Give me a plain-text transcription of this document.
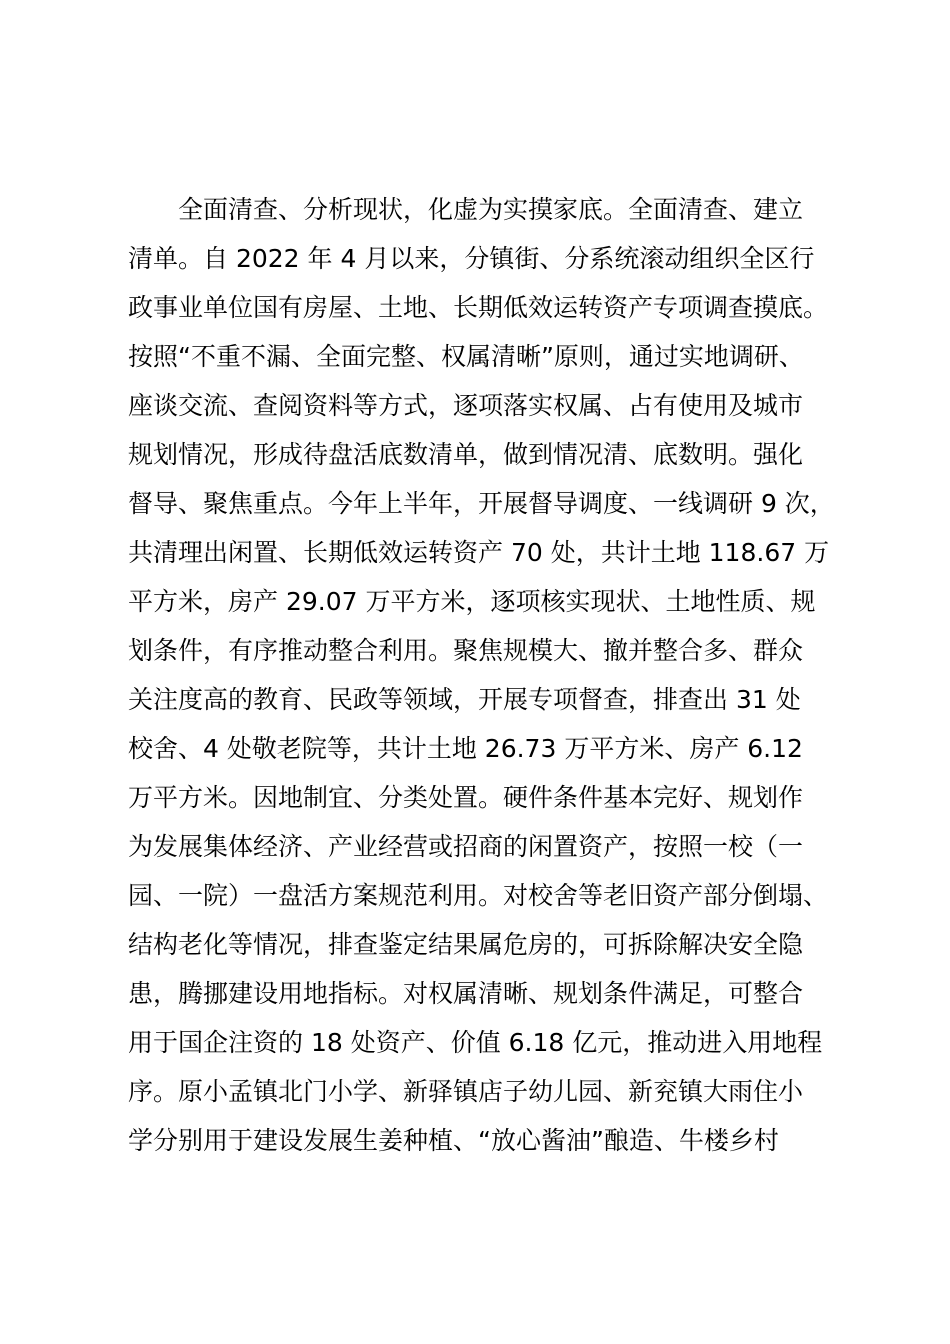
全面清查、分析现状，化虚为实摸家底。全面清查、建立
清单。自 2022 年 4 月以来，分镇街、分系统滚动组织全区行
政事业单位国有房屋、土地、长期低效运转资产专项调查摸底。
按照“不重不漏、全面完整、权属清晰”原则，通过实地调研、
座谈交流、查阅资料等方式，逐项落实权属、占有使用及城市
规划情况，形成待盘活底数清单，做到情况清、底数明。强化
督导、聚焦重点。今年上半年，开展督导调度、一线调研 9 次，
共清理出闲置、长期低效运转资产 70 处，共计土地 118.67 万
平方米，房产 29.07 万平方米，逐项核实现状、土地性质、规
划条件，有序推动整合利用。聚焦规模大、撤并整合多、群众
关注度高的教育、民政等领域，开展专项督查，排查出 31 处
校舍、4 处敬老院等，共计土地 26.73 万平方米、房产 6.12
万平方米。因地制宜、分类处置。硬件条件基本完好、规划作
为发展集体经济、产业经营或招商的闲置资产，按照一校（一
园、一院）一盘活方案规范利用。对校舍等老旧资产部分倒塌、
结构老化等情况，排查鉴定结果属危房的，可拆除解决安全隐
患，腾挪建设用地指标。对权属清晰、规划条件满足，可整合
用于国企注资的 18 处资产、价值 6.18 亿元，推动进入用地程
序。原小孟镇北门小学、新驿镇店子幼儿园、新兖镇大雨住小
学分别用于建设发展生姜种植、“放心酱油”酿造、牛楼乡村
